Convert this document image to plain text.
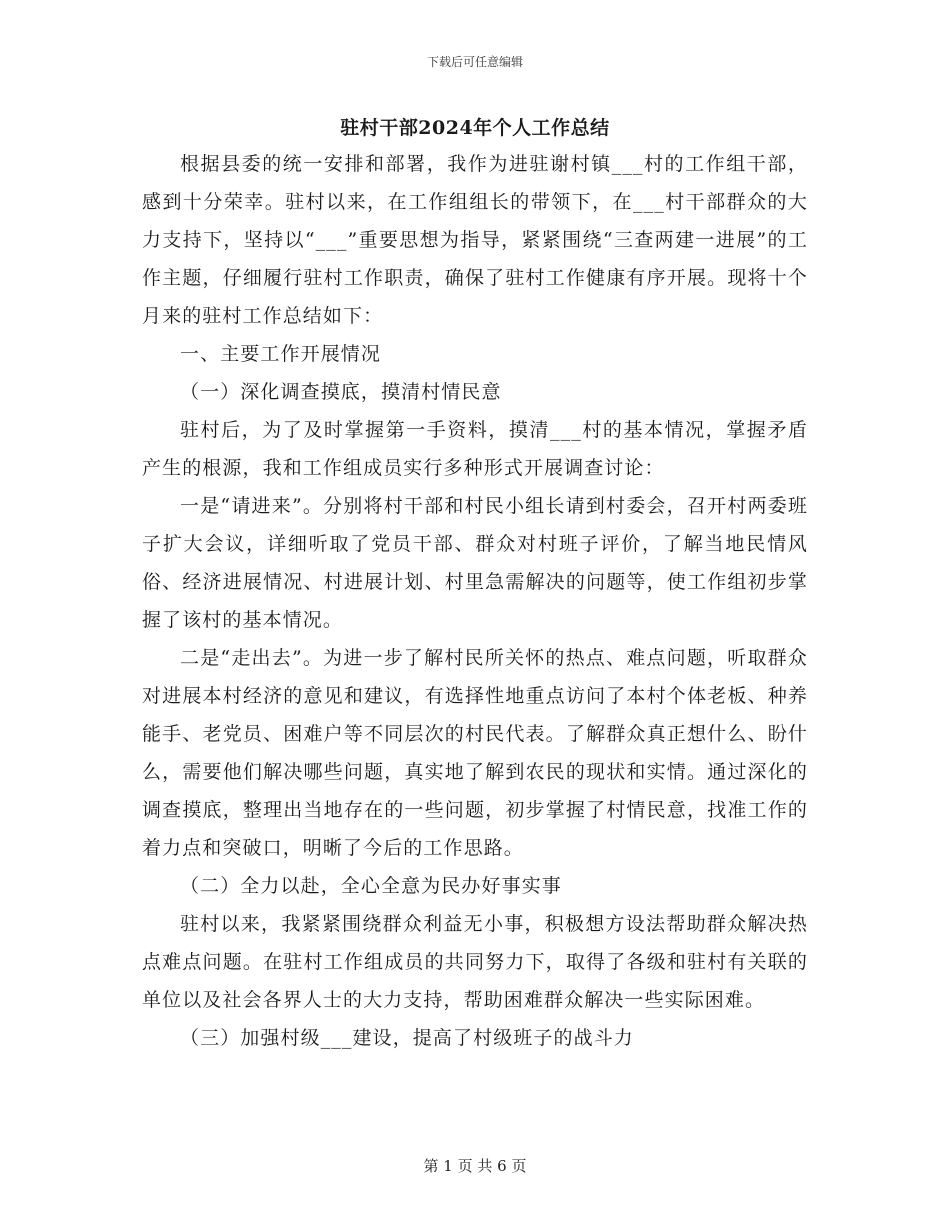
下载后可任意编辑
驻村干部2024年个人工作总结

根据县委的统一安排和部署，我作为进驻谢村镇___村的工作组干部，感到十分荣幸。驻村以来，在工作组组长的带领下，在___村干部群众的大力支持下，坚持以“___”重要思想为指导，紧紧围绕“三查两建一进展”的工作主题，仔细履行驻村工作职责，确保了驻村工作健康有序开展。现将十个月来的驻村工作总结如下：

一、主要工作开展情况

（一）深化调查摸底，摸清村情民意

驻村后，为了及时掌握第一手资料，摸清___村的基本情况，掌握矛盾产生的根源，我和工作组成员实行多种形式开展调查讨论：

一是“请进来”。分别将村干部和村民小组长请到村委会，召开村两委班子扩大会议，详细听取了党员干部、群众对村班子评价，了解当地民情风俗、经济进展情况、村进展计划、村里急需解决的问题等，使工作组初步掌握了该村的基本情况。

二是“走出去”。为进一步了解村民所关怀的热点、难点问题，听取群众对进展本村经济的意见和建议，有选择性地重点访问了本村个体老板、种养能手、老党员、困难户等不同层次的村民代表。了解群众真正想什么、盼什么，需要他们解决哪些问题，真实地了解到农民的现状和实情。通过深化的调查摸底，整理出当地存在的一些问题，初步掌握了村情民意，找准工作的着力点和突破口，明晰了今后的工作思路。

（二）全力以赴，全心全意为民办好事实事

驻村以来，我紧紧围绕群众利益无小事，积极想方设法帮助群众解决热点难点问题。在驻村工作组成员的共同努力下，取得了各级和驻村有关联的单位以及社会各界人士的大力支持，帮助困难群众解决一些实际困难。

（三）加强村级___建设，提高了村级班子的战斗力

第 1 页 共 6 页
